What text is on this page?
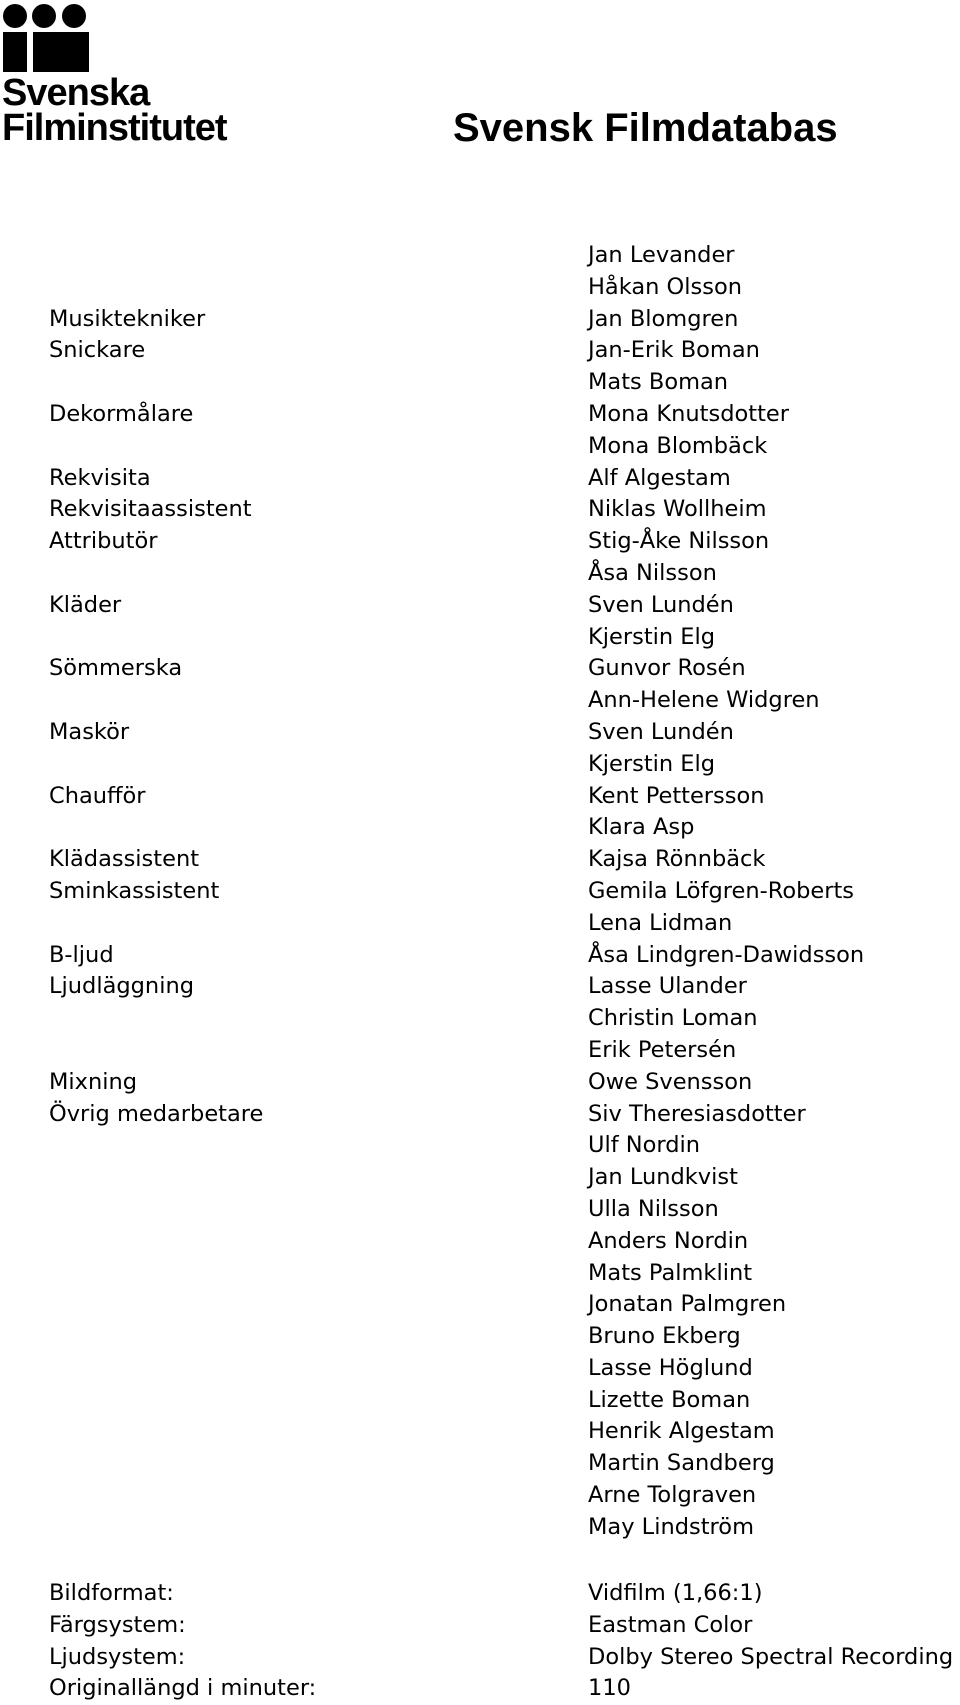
Svenska
Filminstitutet	Svensk Filmdatabas
Jan Levander
Håkan Olsson
Musiktekniker	Jan Blomgren
Snickare	Jan-Erik Boman
Mats Boman
Dekormålare	Mona Knutsdotter
Mona Blombäck
Rekvisita	Alf Algestam
Rekvisitaassistent	Niklas Wollheim
Attributör	Stig-Åke Nilsson
Åsa Nilsson
Kläder	Sven Lundén
Kjerstin Elg
Sömmerska	Gunvor Rosén
Ann-Helene Widgren
Maskör	Sven Lundén
Kjerstin Elg
Chaufför	Kent Pettersson
Klara Asp
Klädassistent	Kajsa Rönnbäck
Sminkassistent	Gemila Löfgren-Roberts
Lena Lidman
B-ljud	Åsa Lindgren-Dawidsson
Ljudläggning	Lasse Ulander
Christin Loman
Erik Petersén
Mixning	Owe Svensson
Övrig medarbetare	Siv Theresiasdotter
Ulf Nordin
Jan Lundkvist
Ulla Nilsson
Anders Nordin
Mats Palmklint
Jonatan Palmgren
Bruno Ekberg
Lasse Höglund
Lizette Boman
Henrik Algestam
Martin Sandberg
Arne Tolgraven
May Lindström
Bildformat:	Vidfilm (1,66:1)
Färgsystem:	Eastman Color
Ljudsystem:	Dolby Stereo Spectral Recording
Originallängd i minuter:	110
